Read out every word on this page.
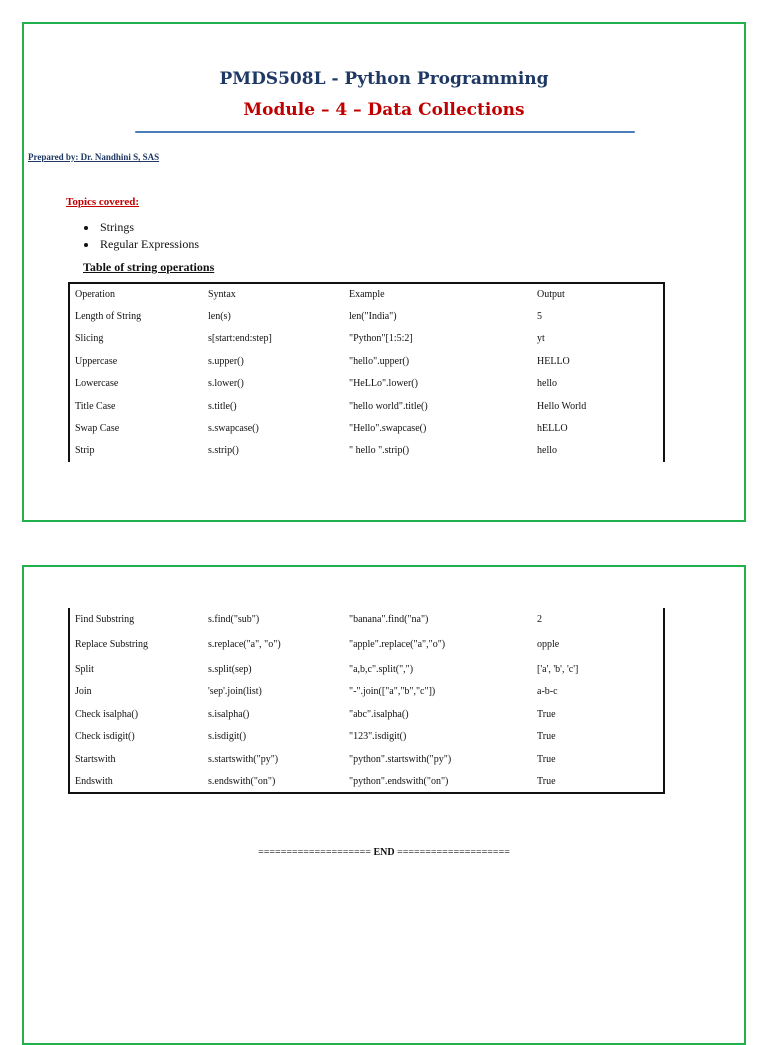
PMDS508L - Python Programming
Module – 4 – Data Collections
Prepared by: Dr. Nandhini S, SAS
Topics covered:
• Strings
• Regular Expressions
Table of string operations
Operation	Syntax	Example	Output
Length of String	len(s)	len("India")	5
Slicing	s[start:end:step]	"Python"[1:5:2]	yt
Uppercase	s.upper()	"hello".upper()	HELLO
Lowercase	s.lower()	"HeLLo".lower()	hello
Title Case	s.title()	"hello world".title()	Hello World
Swap Case	s.swapcase()	"Hello".swapcase()	hELLO
Strip	s.strip()	" hello ".strip()	hello
Find Substring	s.find("sub")	"banana".find("na")	2
Replace Substring	s.replace("a", "o")	"apple".replace("a","o")	opple
Split	s.split(sep)	"a,b,c".split(",")	['a', 'b', 'c']
Join	'sep'.join(list)	"-".join(["a","b","c"])	a-b-c
Check isalpha()	s.isalpha()	"abc".isalpha()	True
Check isdigit()	s.isdigit()	"123".isdigit()	True
Startswith	s.startswith("py")	"python".startswith("py")	True
Endswith	s.endswith("on")	"python".endswith("on")	True
==================== END ====================
